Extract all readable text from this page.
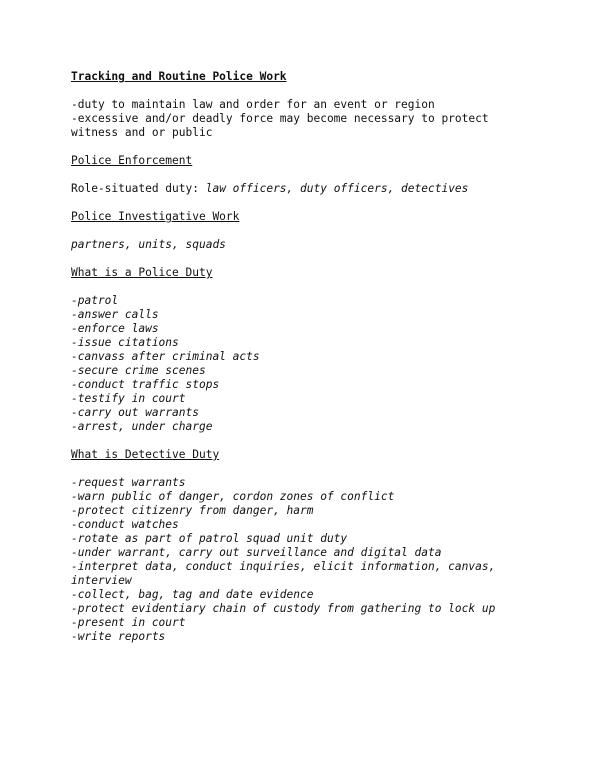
Tracking and Routine Police Work

-duty to maintain law and order for an event or region

-excessive and/or deadly force may become necessary to protect witness and or public

Police Enforcement

Role-situated duty: law officers, duty officers, detectives

Police Investigative Work

partners, units, squads

What is a Police Duty

-patrol

-answer calls

-enforce laws

-issue citations

-canvass after criminal acts

-secure crime scenes

-conduct traffic stops

-testify in court

-carry out warrants

-arrest, under charge

What is Detective Duty

-request warrants

-warn public of danger, cordon zones of conflict

-protect citizenry from danger, harm

-conduct watches

-rotate as part of patrol squad unit duty

-under warrant, carry out surveillance and digital data

-interpret data, conduct inquiries, elicit information, canvas, interview

-collect, bag, tag and date evidence

-protect evidentiary chain of custody from gathering to lock up

-present in court

-write reports
